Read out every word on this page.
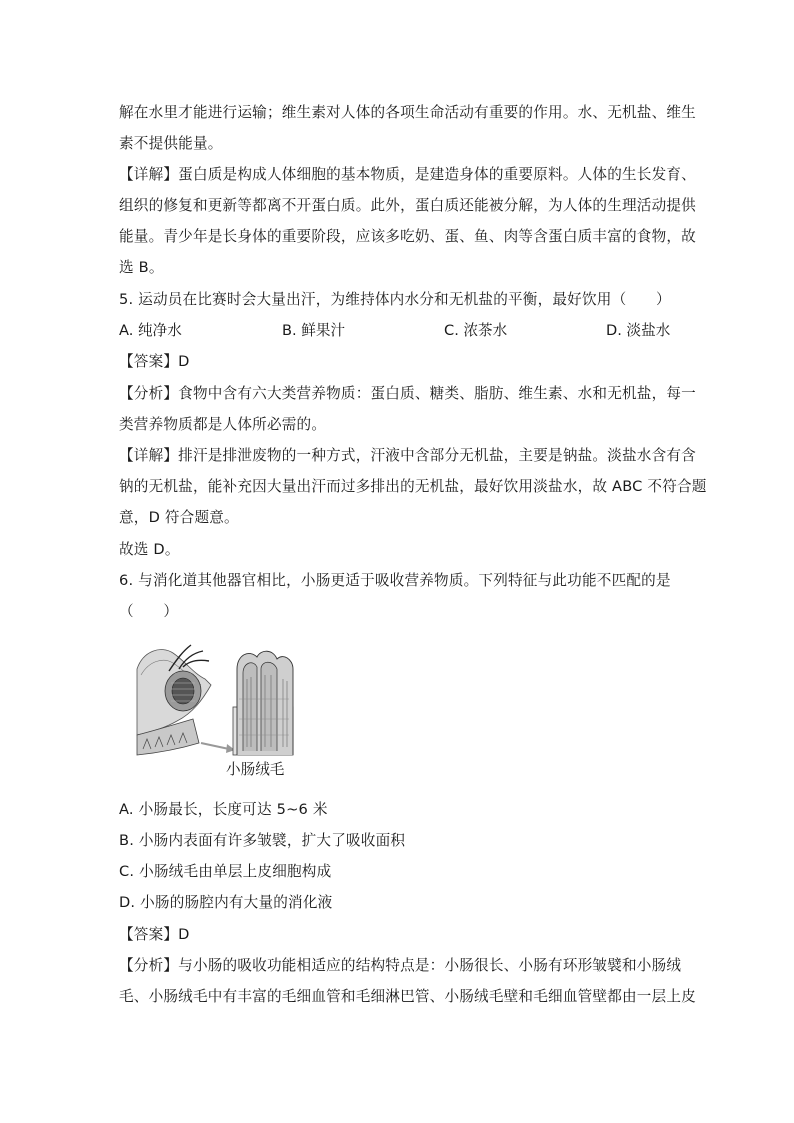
解在水里才能进行运输；维生素对人体的各项生命活动有重要的作用。水、无机盐、维生
素不提供能量。
【详解】蛋白质是构成人体细胞的基本物质，是建造身体的重要原料。人体的生长发育、
组织的修复和更新等都离不开蛋白质。此外，蛋白质还能被分解，为人体的生理活动提供
能量。青少年是长身体的重要阶段，应该多吃奶、蛋、鱼、肉等含蛋白质丰富的食物，故
选 B。
5. 运动员在比赛时会大量出汗，为维持体内水分和无机盐的平衡，最好饮用（　　）
A. 纯净水	B. 鲜果汁	C. 浓茶水	D. 淡盐水
【答案】D
【分析】食物中含有六大类营养物质：蛋白质、糖类、脂肪、维生素、水和无机盐，每一
类营养物质都是人体所必需的。
【详解】排汗是排泄废物的一种方式，汗液中含部分无机盐，主要是钠盐。淡盐水含有含
钠的无机盐，能补充因大量出汗而过多排出的无机盐，最好饮用淡盐水，故 ABC 不符合题
意，D 符合题意。
故选 D。
6. 与消化道其他器官相比，小肠更适于吸收营养物质。下列特征与此功能不匹配的是
（　　）
小肠绒毛
A. 小肠最长，长度可达 5~6 米
B. 小肠内表面有许多皱襞，扩大了吸收面积
C. 小肠绒毛由单层上皮细胞构成
D. 小肠的肠腔内有大量的消化液
【答案】D
【分析】与小肠的吸收功能相适应的结构特点是：小肠很长、小肠有环形皱襞和小肠绒
毛、小肠绒毛中有丰富的毛细血管和毛细淋巴管、小肠绒毛壁和毛细血管壁都由一层上皮
